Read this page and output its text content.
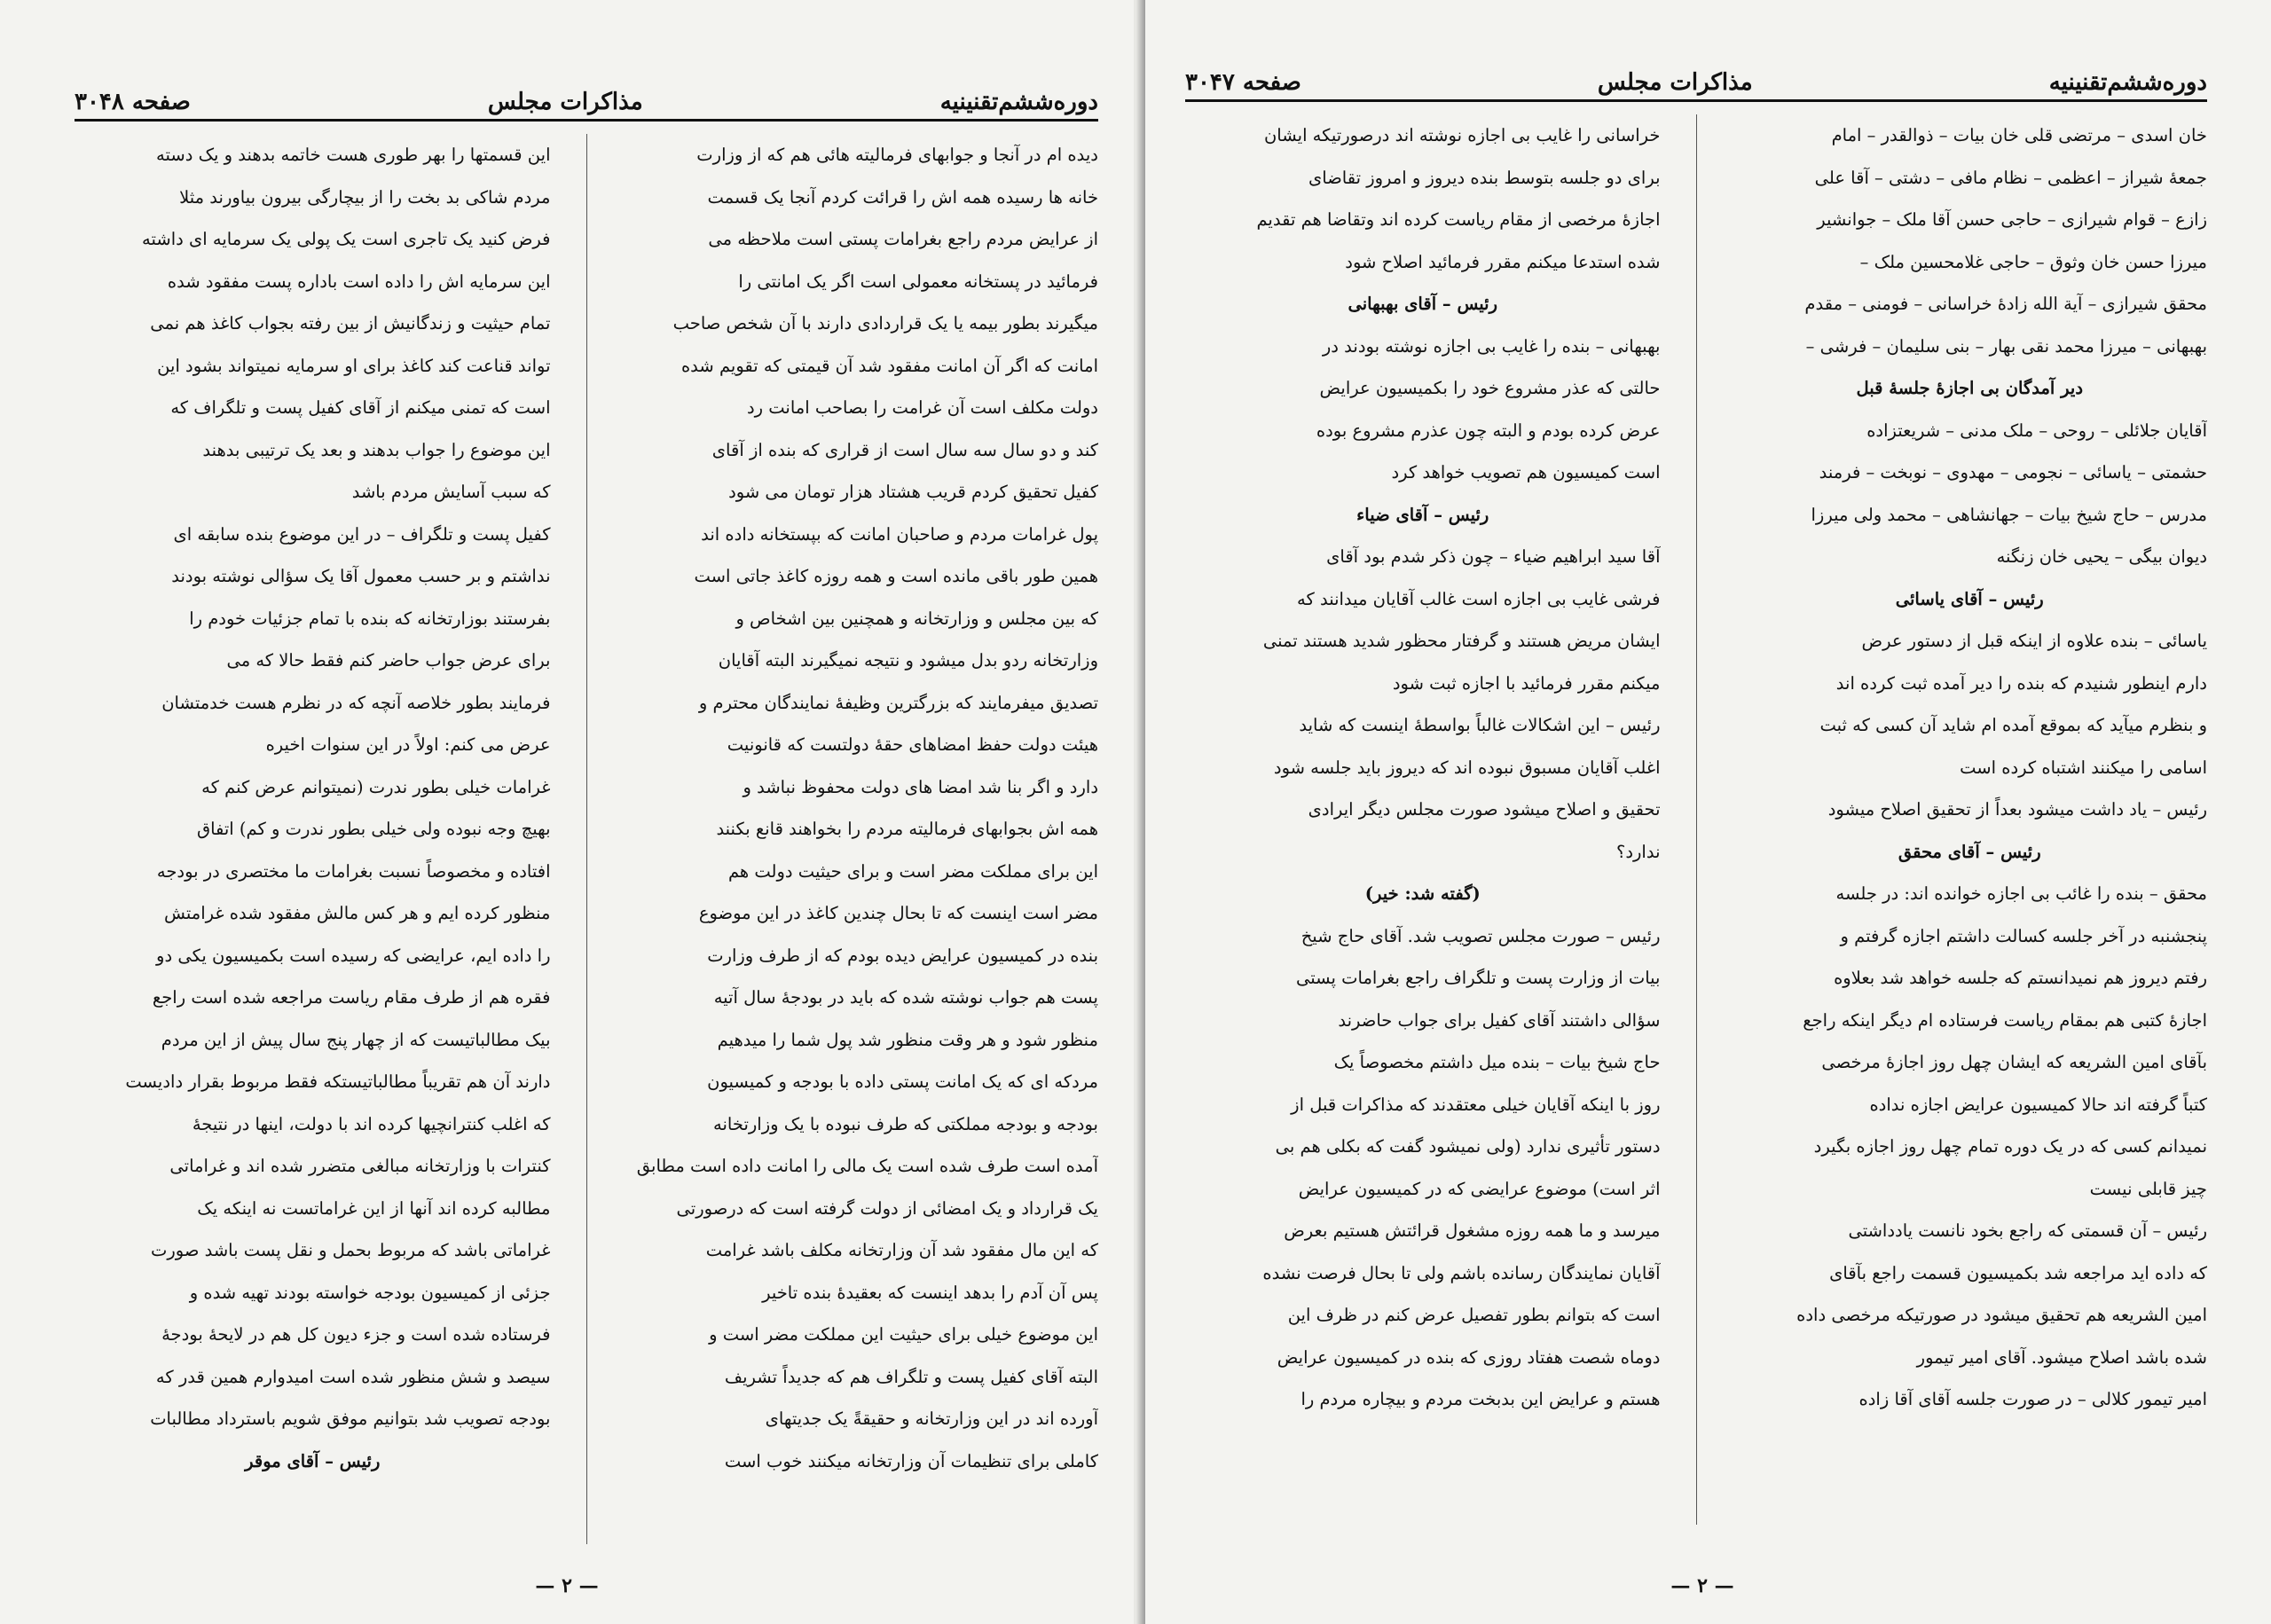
دوره‌ششم‌تقنینیه
مذاکرات مجلس
صفحه ۳۰۴۷

خان اسدی – مرتضی قلی خان بیات – ذوالقدر – امام

جمعهٔ شیراز – اعظمی – نظام مافی – دشتی – آقا علی

زازع – قوام شیرازی – حاجی حسن آقا ملک – جوانشیر

میرزا حسن خان وثوق – حاجی غلامحسین ملک –

محقق شیرازی – آیة الله زادهٔ خراسانی – فومنی – مقدم

بهبهانی – میرزا محمد نقی بهار – بنی سلیمان – فرشی –

دیر آمدگان بی اجازهٔ جلسهٔ قبل

آقایان جلائلی – روحی – ملک مدنی – شریعتزاده

حشمتی – یاسائی – نجومی – مهدوی – نوبخت – فرمند

مدرس – حاج شیخ بیات – جهانشاهی – محمد ولی میرزا

دیوان بیگی – یحیی خان زنگنه

رئیس – آقای یاسائی

یاسائی – بنده علاوه از اینکه قبل از دستور عرض

دارم اینطور شنیدم که بنده را دیر آمده ثبت کرده اند

و بنظرم میآید که بموقع آمده ام شاید آن کسی که ثبت

اسامی را میکنند اشتباه کرده است

رئیس – یاد داشت میشود بعداً از تحقیق اصلاح میشود

رئیس – آقای محقق

محقق – بنده را غائب بی اجازه خوانده اند: در جلسه

پنجشنبه در آخر جلسه کسالت داشتم اجازه گرفتم و

رفتم دیروز هم نمیدانستم که جلسه خواهد شد بعلاوه

اجازهٔ کتبی هم بمقام ریاست فرستاده ام دیگر اینکه راجع

بآقای امین الشریعه که ایشان چهل روز اجازهٔ مرخصی

کتباً گرفته اند حالا کمیسیون عرایض اجازه نداده

نمیدانم کسی که در یک دوره تمام چهل روز اجازه بگیرد

چیز قابلی نیست

رئیس – آن قسمتی که راجع بخود نانست یادداشتی

که داده اید مراجعه شد بکمیسیون قسمت راجع بآقای

امین الشریعه هم تحقیق میشود در صورتیکه مرخصی داده

شده باشد اصلاح میشود. آقای امیر تیمور

امیر تیمور کلالی – در صورت جلسه آقای آقا زاده

خراسانی را غایب بی اجازه نوشته اند درصورتیکه ایشان

برای دو جلسه بتوسط بنده دیروز و امروز تقاضای

اجازهٔ مرخصی از مقام ریاست کرده اند وتقاضا هم تقدیم

شده استدعا میکنم مقرر فرمائید اصلاح شود

رئیس – آقای بهبهانی

بهبهانی – بنده را غایب بی اجازه نوشته بودند در

حالتی که عذر مشروع خود را بکمیسیون عرایض

عرض کرده بودم و البته چون عذرم مشروع بوده

است کمیسیون هم تصویب خواهد کرد

رئیس – آقای ضیاء

آقا سید ابراهیم ضیاء – چون ذکر شدم بود آقای

فرشی غایب بی اجازه است غالب آقایان میدانند که

ایشان مریض هستند و گرفتار محظور شدید هستند تمنی

میکنم مقرر فرمائید با اجازه ثبت شود

رئیس – این اشکالات غالباً بواسطهٔ اینست که شاید

اغلب آقایان مسبوق نبوده اند که دیروز باید جلسه شود

تحقیق و اصلاح میشود صورت مجلس دیگر ایرادی

ندارد؟

(گفته شد: خیر)

رئیس – صورت مجلس تصویب شد. آقای حاج شیخ

بیات از وزارت پست و تلگراف راجع بغرامات پستی

سؤالی داشتند آقای کفیل برای جواب حاضرند

حاج شیخ بیات – بنده میل داشتم مخصوصاً یک

روز با اینکه آقایان خیلی معتقدند که مذاکرات قبل از

دستور تأثیری ندارد (ولی نمیشود گفت که بکلی هم بی

اثر است) موضوع عرایضی که در کمیسیون عرایض

میرسد و ما همه روزه مشغول قرائتش هستیم بعرض

آقایان نمایندگان رسانده باشم ولی تا بحال فرصت نشده

است که بتوانم بطور تفصیل عرض کنم در ظرف این

دوماه شصت هفتاد روزی که بنده در کمیسیون عرایض

هستم و عرایض این بدبخت مردم و بیچاره مردم را

— ۲ —
دوره‌ششم‌تقنینیه
مذاکرات مجلس
صفحه ۳۰۴۸

دیده ام در آنجا و جوابهای فرمالیته هائی هم که از وزارت

خانه ها رسیده همه اش را قرائت کردم آنجا یک قسمت

از عرایض مردم راجع بغرامات پستی است ملاحظه می

فرمائید در پستخانه معمولی است اگر یک امانتی را

میگیرند بطور بیمه یا یک قراردادی دارند با آن شخص صاحب

امانت که اگر آن امانت مفقود شد آن قیمتی که تقویم شده

دولت مکلف است آن غرامت را بصاحب امانت رد

کند و دو سال سه سال است از قراری که بنده از آقای

کفیل تحقیق کردم قریب هشتاد هزار تومان می شود

پول غرامات مردم و صاحبان امانت که بپستخانه داده اند

همین طور باقی مانده است و همه روزه کاغذ جاتی است

که بین مجلس و وزارتخانه و همچنین بین اشخاص و

وزارتخانه ردو بدل میشود و نتیجه نمیگیرند البته آقایان

تصدیق میفرمایند که بزرگترین وظیفهٔ نمایندگان محترم و

هیئت دولت حفظ امضاهای حقهٔ دولتست که قانونیت

دارد و اگر بنا شد امضا های دولت محفوظ نباشد و

همه اش بجوابهای فرمالیته مردم را بخواهند قانع بکنند

این برای مملکت مضر است و برای حیثیت دولت هم

مضر است اینست که تا بحال چندین کاغذ در این موضوع

بنده در کمیسیون عرایض دیده بودم که از طرف وزارت

پست هم جواب نوشته شده که باید در بودجهٔ سال آتیه

منظور شود و هر وقت منظور شد پول شما را میدهیم

مردکه ای که یک امانت پستی داده با بودجه و کمیسیون

بودجه و بودجه مملکتی که طرف نبوده با یک وزارتخانه

آمده است طرف شده است یک مالی را امانت داده است مطابق

یک قرارداد و یک امضائی از دولت گرفته است که درصورتی

که این مال مفقود شد آن وزارتخانه مکلف باشد غرامت

پس آن آدم را بدهد اینست که بعقیدهٔ بنده تاخیر

این موضوع خیلی برای حیثیت این مملکت مضر است و

البته آقای کفیل پست و تلگراف هم که جدیداً تشریف

آورده اند در این وزارتخانه و حقیقةً یک جدیتهای

کاملی برای تنظیمات آن وزارتخانه میکنند خوب است

این قسمتها را بهر طوری هست خاتمه بدهند و یک دسته

مردم شاکی بد بخت را از بیچارگی بیرون بیاورند مثلا

فرض کنید یک تاجری است یک پولی یک سرمایه ای داشته

این سرمایه اش را داده است باداره پست مفقود شده

تمام حیثیت و زندگانیش از بین رفته بجواب کاغذ هم نمی

تواند قناعت کند کاغذ برای او سرمایه نمیتواند بشود این

است که تمنی میکنم از آقای کفیل پست و تلگراف که

این موضوع را جواب بدهند و بعد یک ترتیبی بدهند

که سبب آسایش مردم باشد

کفیل پست و تلگراف – در این موضوع بنده سابقه ای

نداشتم و بر حسب معمول آقا یک سؤالی نوشته بودند

بفرستند بوزارتخانه که بنده با تمام جزئیات خودم را

برای عرض جواب حاضر کنم فقط حالا که می

فرمایند بطور خلاصه آنچه که در نظرم هست خدمتشان

عرض می کنم: اولاً در این سنوات اخیره

غرامات خیلی بطور ندرت (نمیتوانم عرض کنم که

بهیچ وجه نبوده ولی خیلی بطور ندرت و کم) اتفاق

افتاده و مخصوصاً نسبت بغرامات ما مختصری در بودجه

منظور کرده ایم و هر کس مالش مفقود شده غرامتش

را داده ایم، عرایضی که رسیده است بکمیسیون یکی دو

فقره هم از طرف مقام ریاست مراجعه شده است راجع

بیک مطالباتیست که از چهار پنج سال پیش از این مردم

دارند آن هم تقریباً مطالباتیستکه فقط مربوط بقرار دادیست

که اغلب کنترانچیها کرده اند با دولت، اینها در نتیجهٔ

کنترات با وزارتخانه مبالغی متضرر شده اند و غراماتی

مطالبه کرده اند آنها از این غراماتست نه اینکه یک

غراماتی باشد که مربوط بحمل و نقل پست باشد صورت

جزئی از کمیسیون بودجه خواسته بودند تهیه شده و

فرستاده شده است و جزء دیون کل هم در لایحهٔ بودجهٔ

سیصد و شش منظور شده است امیدوارم همین قدر که

بودجه تصویب شد بتوانیم موفق شویم باسترداد مطالبات

رئیس – آقای موقر

— ۲ —
